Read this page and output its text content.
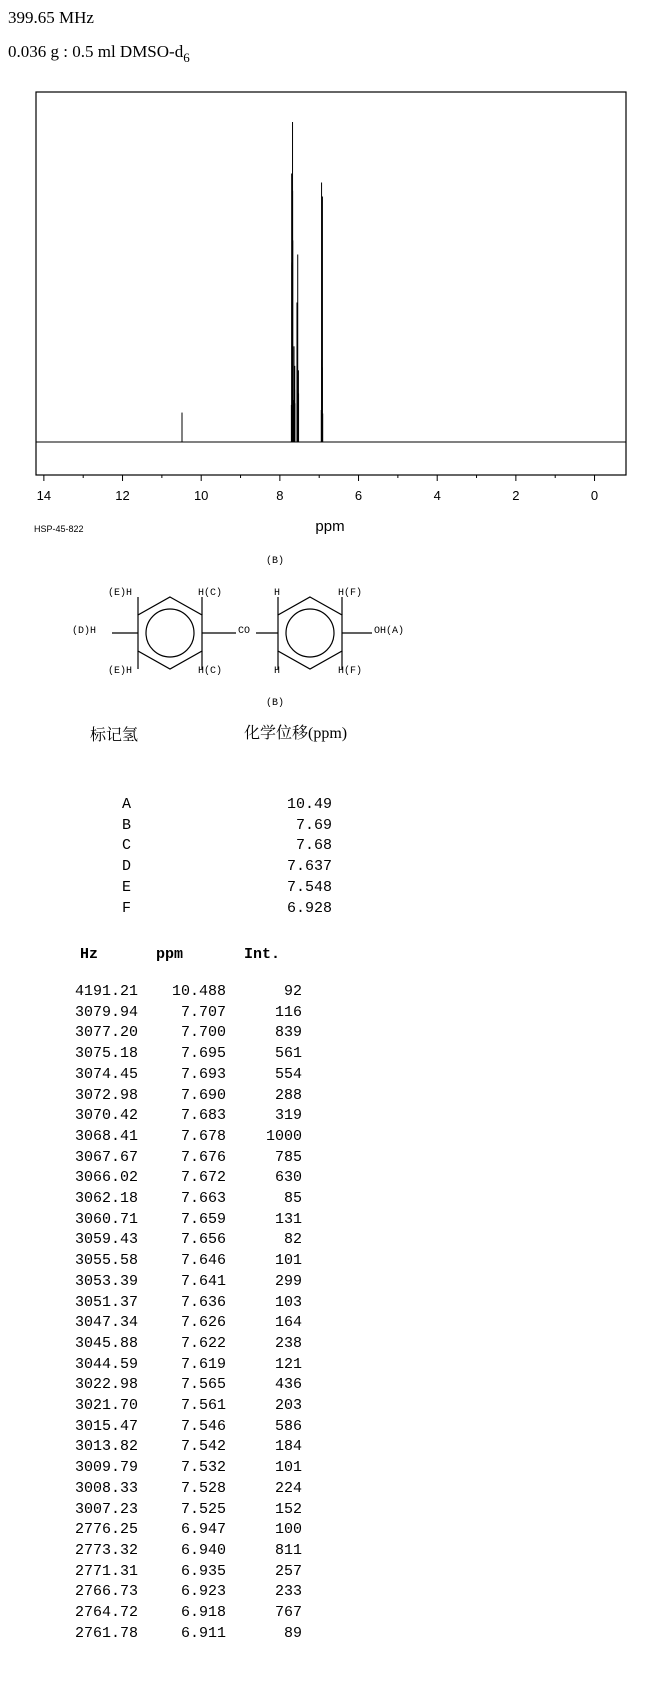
399.65 MHz
0.036 g : 0.5 ml DMSO-$d_6$
14	12	10	8	6	4	2	0
ppm
HSP-45-822
(B)
(E)H	H(C)	H	H(F)
(D)H	CO	OH(A)
(E)H	H(C)	H	H(F)
(B)
标记氢	化学位移(ppm)
A	10.49
B	7.69
C	7.68
D	7.637
E	7.548
F	6.928
Hz	ppm	Int.
4191.21 10.488	92
3079.94	7.707	116
3077.20	7.700	839
3075.18	7.695	561
3074.45	7.693	554
3072.98	7.690	288
3070.42	7.683	319
3068.41	7.678	1000
3067.67	7.676	785
3066.02	7.672	630
3062.18	7.663	85
3060.71	7.659	131
3059.43	7.656	82
3055.58	7.646	101
3053.39	7.641	299
3051.37	7.636	103
3047.34	7.626	164
3045.88	7.622	238
3044.59	7.619	121
3022.98	7.565	436
3021.70	7.561	203
3015.47	7.546	586
3013.82	7.542	184
3009.79	7.532	101
3008.33	7.528	224
3007.23	7.525	152
2776.25	6.947	100
2773.32	6.940	811
2771.31	6.935	257
2766.73	6.923	233
2764.72	6.918	767
2761.78	6.911	89
